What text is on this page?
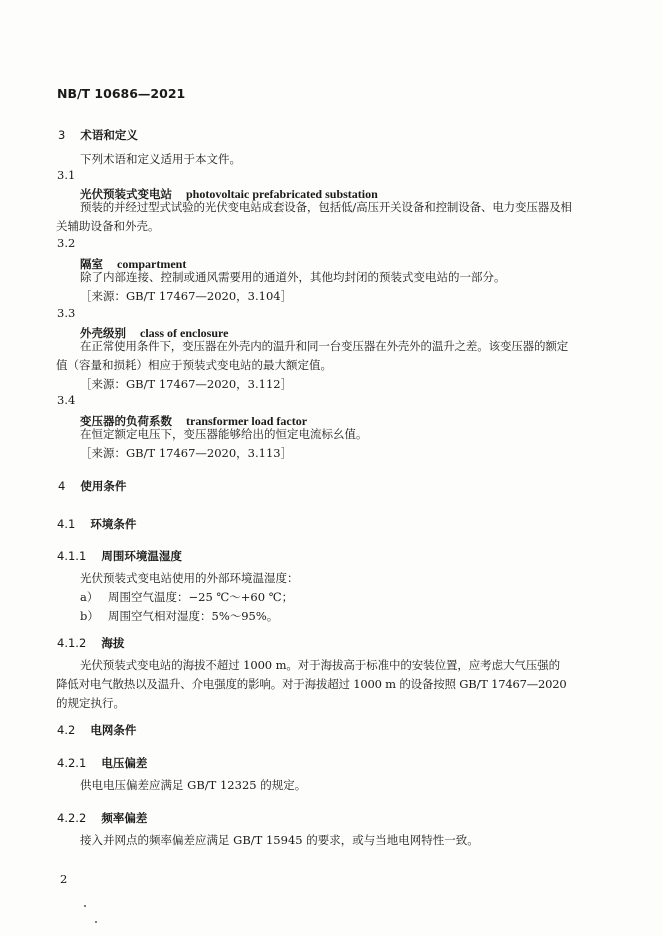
NB/T 10686—2021
3 术语和定义
下列术语和定义适用于本文件。
3.1
光伏预装式变电站 photovoltaic prefabricated substation
预装的并经过型式试验的光伏变电站成套设备，包括低/高压开关设备和控制设备、电力变压器及相
关辅助设备和外壳。
3.2
隔室 compartment
除了内部连接、控制或通风需要用的通道外，其他均封闭的预装式变电站的一部分。
［来源：GB/T 17467—2020，3.104］
3.3
外壳级别 class of enclosure
在正常使用条件下，变压器在外壳内的温升和同一台变压器在外壳外的温升之差。该变压器的额定
值（容量和损耗）相应于预装式变电站的最大额定值。
［来源：GB/T 17467—2020，3.112］
3.4
变压器的负荷系数 transformer load factor
在恒定额定电压下，变压器能够给出的恒定电流标幺值。
［来源：GB/T 17467—2020，3.113］
4 使用条件
4.1 环境条件
4.1.1 周围环境温湿度
光伏预装式变电站使用的外部环境温湿度：
a） 周围空气温度：−25 ℃～+60 ℃；
b） 周围空气相对湿度：5%～95%。
4.1.2 海拔
光伏预装式变电站的海拔不超过 1000 m。对于海拔高于标准中的安装位置，应考虑大气压强的
降低对电气散热以及温升、介电强度的影响。对于海拔超过 1000 m 的设备按照 GB/T 17467—2020
的规定执行。
4.2 电网条件
4.2.1 电压偏差
供电电压偏差应满足 GB/T 12325 的规定。
4.2.2 频率偏差
接入并网点的频率偏差应满足 GB/T 15945 的要求，或与当地电网特性一致。
2
